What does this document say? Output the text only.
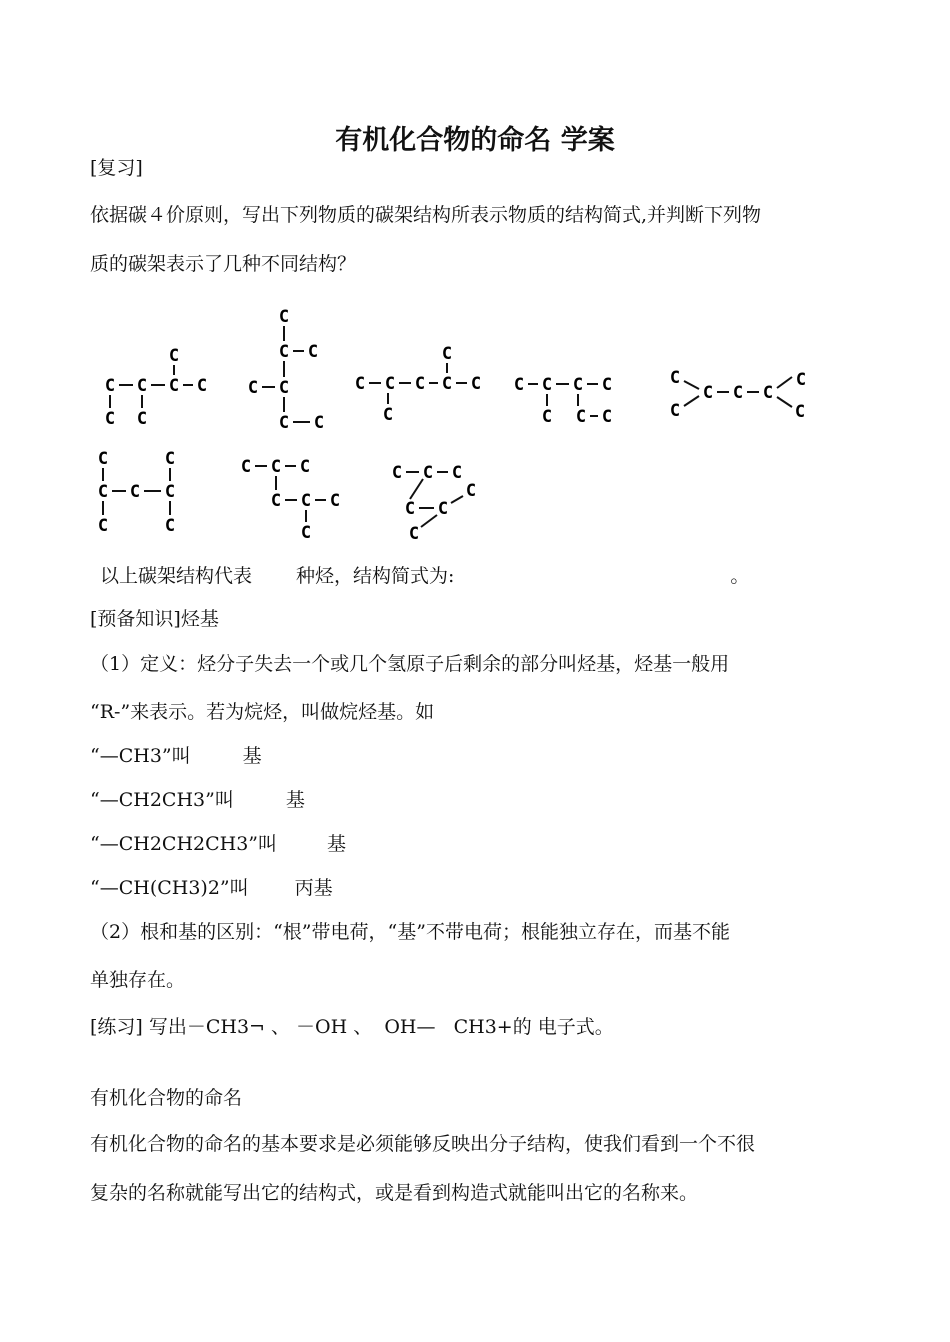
有机化合物的命名 学案
[复习]
依据碳４价原则，写出下列物质的碳架结构所表示物质的结构简式,并判断下列物
质的碳架表示了几种不同结构？
C C C C
C
C C
C
C C
C C
C C
C C C C C
C
C
C C C C
C C C
C
C
C C C
C
C
C
C
C
C
C
C
C
C C C
C C C
C
C C C
C
C C
C
以上碳架结构代表 种烃，结构简式为:	。
[预备知识]烃基
（1）定义：烃分子失去一个或几个氢原子后剩余的部分叫烃基，烃基一般用
“R-”来表示。若为烷烃，叫做烷烃基。如
“—CH3”叫	基
“—CH2CH3”叫	基
“—CH2CH2CH3”叫	基
“—CH(CH3)2”叫 丙基
（2）根和基的区别：“根”带电荷，“基”不带电荷；根能独立存在，而基不能
单独存在。
[练习] 写出－CH3¬ 、 －OH 、  OH—   CH3+的 电子式。
有机化合物的命名
有机化合物的命名的基本要求是必须能够反映出分子结构，使我们看到一个不很
复杂的名称就能写出它的结构式，或是看到构造式就能叫出它的名称来。
